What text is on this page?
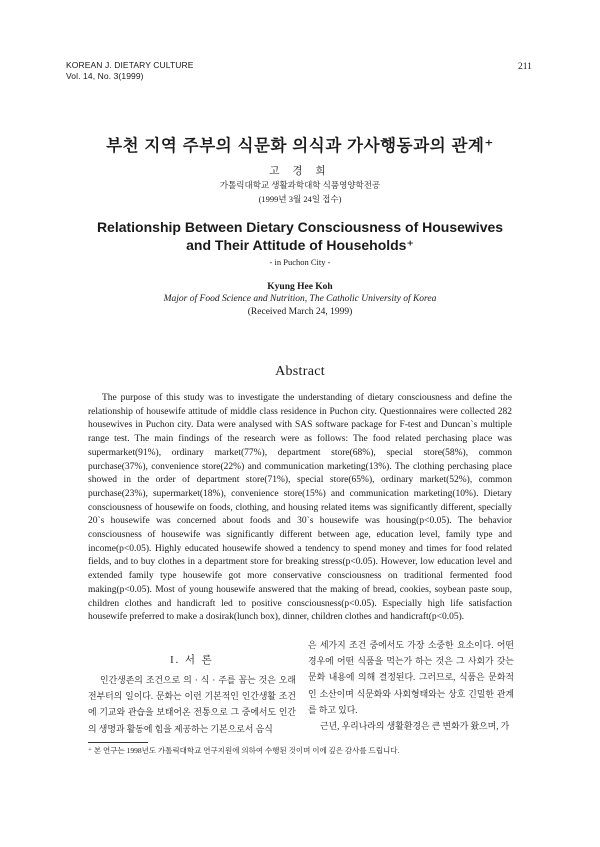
KOREAN J. DIETARY CULTURE
Vol. 14, No. 3(1999)
211
부천 지역 주부의 식문화 의식과 가사행동과의 관계⁺
고 경 희
가톨릭대학교 생활과학대학 식품영양학전공
(1999년 3월 24일 접수)
Relationship Between Dietary Consciousness of Housewives
and Their Attitude of Households⁺
- in Puchon City -
Kyung Hee Koh
Major of Food Science and Nutrition, The Catholic University of Korea
(Received March 24, 1999)
Abstract

The purpose of this study was to investigate the understanding of dietary consciousness and define the relationship of housewife attitude of middle class residence in Puchon city. Questionnaires were collected 282 housewives in Puchon city. Data were analysed with SAS software package for F-test and Duncan`s multiple range test. The main findings of the research were as follows: The food related perchasing place was supermarket(91%), ordinary market(77%), department store(68%), special store(58%), common purchase(37%), convenience store(22%) and communication marketing(13%). The clothing perchasing place showed in the order of department store(71%), special store(65%), ordinary market(52%), common purchase(23%), supermarket(18%), convenience store(15%) and communication marketing(10%). Dietary consciousness of housewife on foods, clothing, and housing related items was significantly different, specially 20`s housewife was concerned about foods and 30`s housewife was housing(p<0.05). The behavior consciousness of housewife was significantly different between age, education level, family type and income(p<0.05). Highly educated housewife showed a tendency to spend money and times for food related fields, and to buy clothes in a department store for breaking stress(p<0.05). However, low education level and extended family type housewife got more conservative consciousness on traditional fermented food making(p<0.05). Most of young housewife answered that the making of bread, cookies, soybean paste soup, children clothes and handicraft led to positive consciousness(p<0.05). Especially high life satisfaction housewife preferred to make a dosirak(lunch box), dinner, children clothes and handicraft(p<0.05).

I. 서 론

인간생존의 조건으로 의 · 식 · 주를 꼽는 것은 오래 전부터의 일이다. 문화는 이런 기본적인 인간생활 조건에 기교와 관습을 보태어온 전통으로 그 중에서도 인간의 생명과 활동에 힘을 제공하는 기본으로서 음식

은 세가지 조건 중에서도 가장 소중한 요소이다. 어떤 경우에 어떤 식품을 먹는가 하는 것은 그 사회가 갖는 문화 내용에 의해 결정된다. 그러므로, 식품은 문화적인 소산이며 식문화와 사회형태와는 상호 긴밀한 관계를 하고 있다.

근년, 우리나라의 생활환경은 큰 변화가 왔으며, 가

⁺ 본 연구는 1998년도 가톨릭대학교 연구지원에 의하여 수행된 것이며 이에 깊은 감사를 드립니다.
